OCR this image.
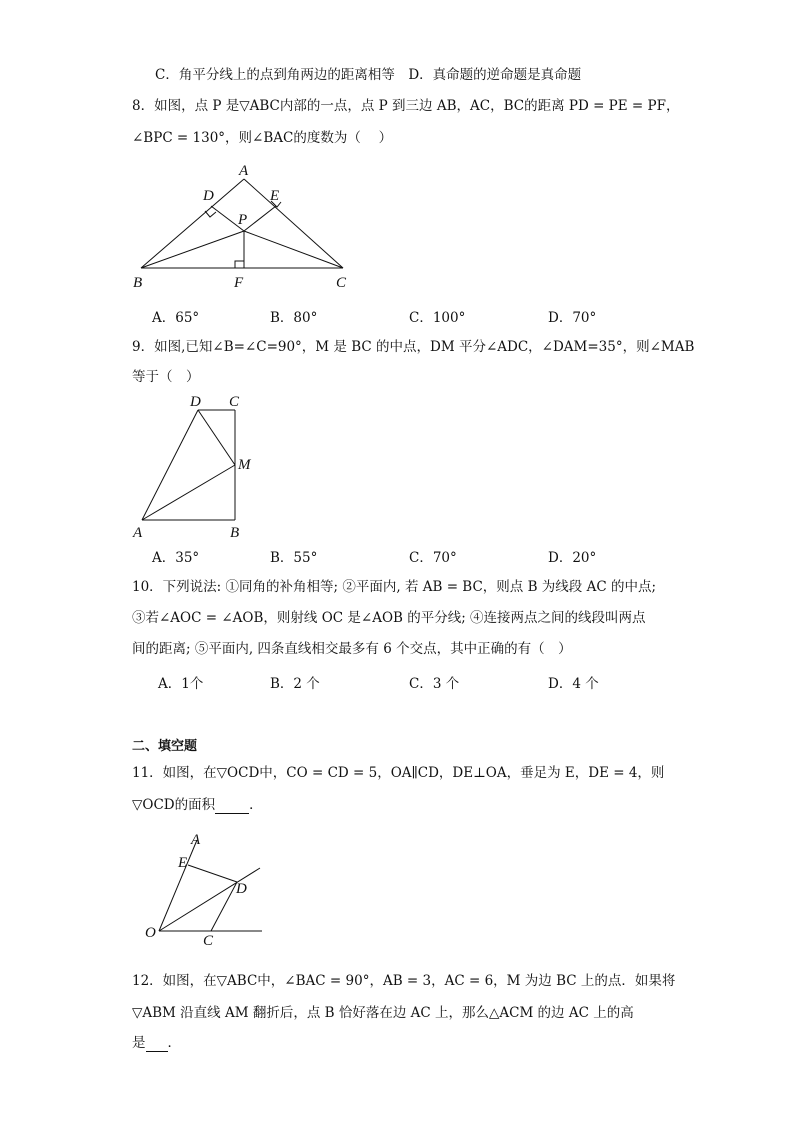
C．角平分线上的点到角两边的距离相等　D．真命题的逆命题是真命题
8．如图，点 P 是▽ABC内部的一点，点 P 到三边 AB，AC，BC的距离 PD = PE = PF，
∠BPC = 130°，则∠BAC的度数为（　 ）
A
D	E
P
B	F	C
A．65°	B．80°	C．100°	D．70°
9．如图,已知∠B=∠C=90°，M 是 BC 的中点，DM 平分∠ADC，∠DAM=35°，则∠MAB
等于（　）
D C
M
A	B
A．35°	B．55°	C．70°	D．20°
10．下列说法: ①同角的补角相等; ②平面内, 若 AB = BC，则点 B 为线段 AC 的中点;
③若∠AOC = ∠AOB，则射线 OC 是∠AOB 的平分线; ④连接两点之间的线段叫两点
间的距离; ⑤平面内, 四条直线相交最多有 6 个交点，其中正确的有（　）
A．1个	B．2 个	C．3 个	D．4 个
二、填空题
11．如图，在▽OCD中，CO = CD = 5，OA∥CD，DE⊥OA，垂足为 E，DE = 4，则
▽OCD的面积	．
A
E
D
O	C
12．如图，在▽ABC中，∠BAC = 90°，AB = 3，AC = 6，M 为边 BC 上的点．如果将
▽ABM 沿直线 AM 翻折后，点 B 恰好落在边 AC 上，那么△ACM 的边 AC 上的高
是 ．
